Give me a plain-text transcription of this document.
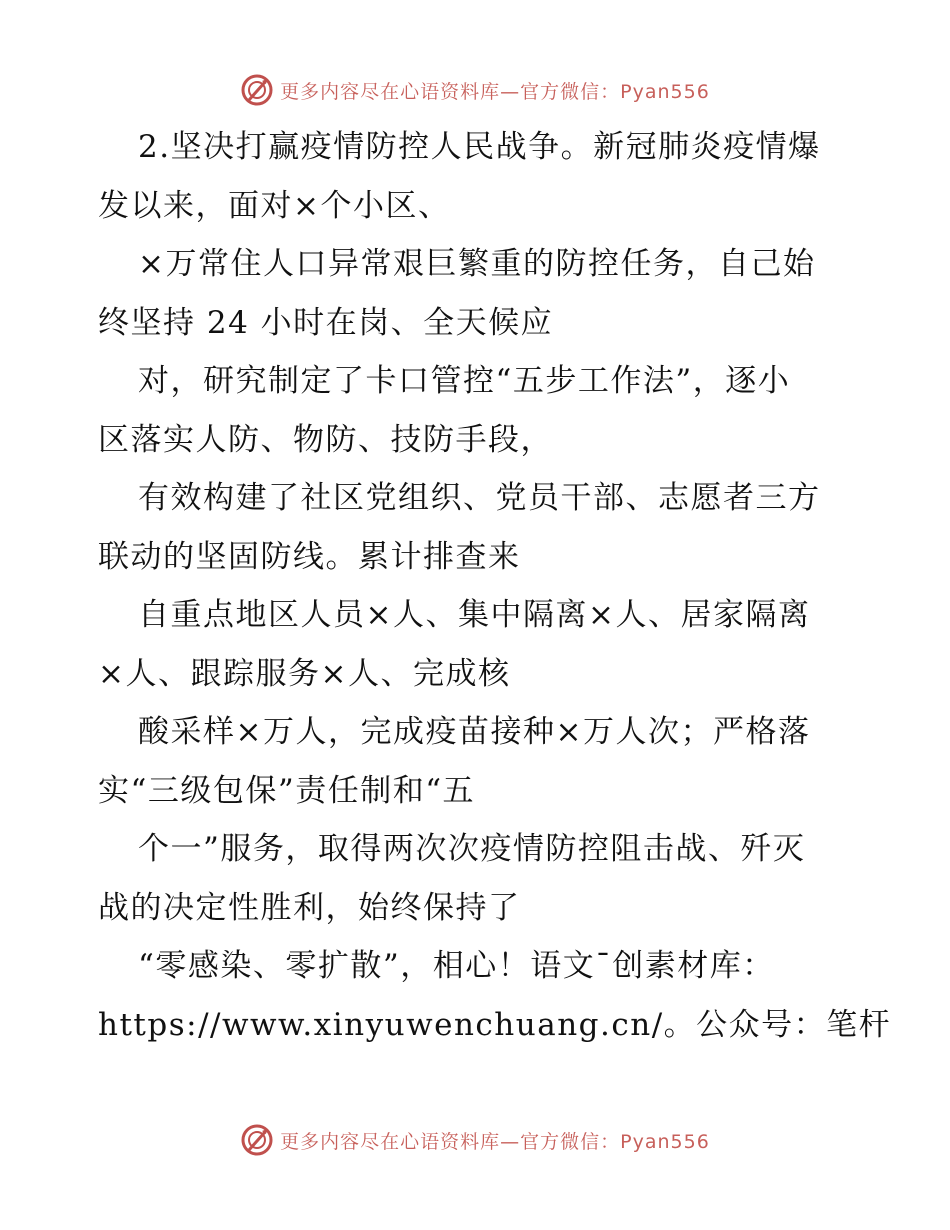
更多内容尽在心语资料库—官方微信：Pyan556
2.坚决打赢疫情防控人民战争。新冠肺炎疫情爆
发以来，面对×个小区、
×万常住人口异常艰巨繁重的防控任务，自己始
终坚持 24 小时在岗、全天候应
对，研究制定了卡口管控“五步工作法”，逐小
区落实人防、物防、技防手段，
有效构建了社区党组织、党员干部、志愿者三方
联动的坚固防线。累计排查来
自重点地区人员×人、集中隔离×人、居家隔离
×人、跟踪服务×人、完成核
酸采样×万人，完成疫苗接种×万人次；严格落
实“三级包保”责任制和“五
个一”服务，取得两次次疫情防控阻击战、歼灭
战的决定性胜利，始终保持了
“零感染、零扩散”，相心！语文¯创素材库：
https://www.xinyuwenchuang.cn/。公众号：笔杆
更多内容尽在心语资料库—官方微信：Pyan556
